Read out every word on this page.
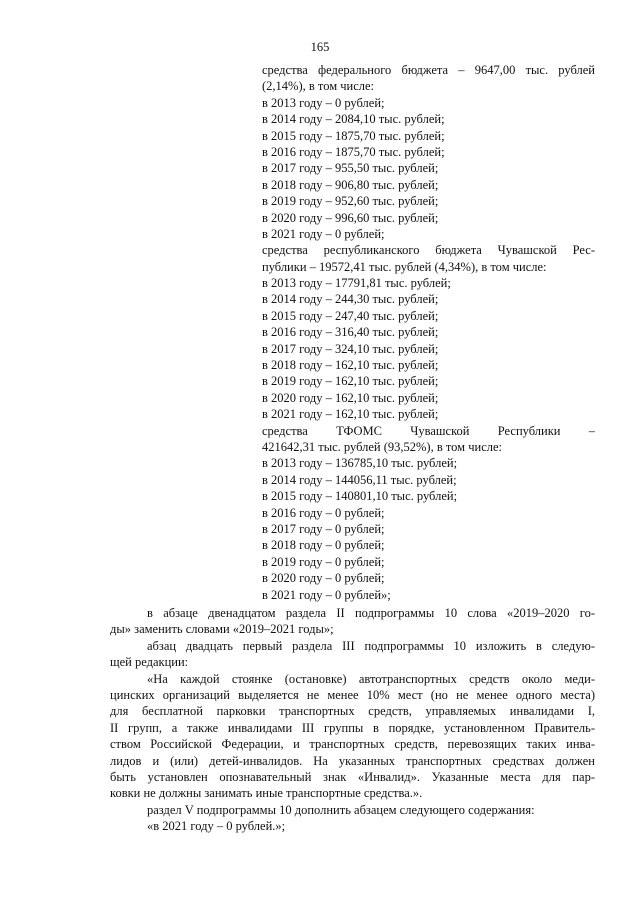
165
средства федерального бюджета – 9647,00 тыс. рублей
(2,14%), в том числе:
в 2013 году – 0 рублей;
в 2014 году – 2084,10 тыс. рублей;
в 2015 году – 1875,70 тыс. рублей;
в 2016 году – 1875,70 тыс. рублей;
в 2017 году – 955,50 тыс. рублей;
в 2018 году – 906,80 тыс. рублей;
в 2019 году – 952,60 тыс. рублей;
в 2020 году – 996,60 тыс. рублей;
в 2021 году – 0 рублей;
средства республиканского бюджета Чувашской Рес-
публики – 19572,41 тыс. рублей (4,34%), в том числе:
в 2013 году – 17791,81 тыс. рублей;
в 2014 году – 244,30 тыс. рублей;
в 2015 году – 247,40 тыс. рублей;
в 2016 году – 316,40 тыс. рублей;
в 2017 году – 324,10 тыс. рублей;
в 2018 году – 162,10 тыс. рублей;
в 2019 году – 162,10 тыс. рублей;
в 2020 году – 162,10 тыс. рублей;
в 2021 году – 162,10 тыс. рублей;
средства ТФОМС Чувашской Республики –
421642,31 тыс. рублей (93,52%), в том числе:
в 2013 году – 136785,10 тыс. рублей;
в 2014 году – 144056,11 тыс. рублей;
в 2015 году – 140801,10 тыс. рублей;
в 2016 году – 0 рублей;
в 2017 году – 0 рублей;
в 2018 году – 0 рублей;
в 2019 году – 0 рублей;
в 2020 году – 0 рублей;
в 2021 году – 0 рублей»;
в абзаце двенадцатом раздела II подпрограммы 10 слова «2019–2020 го-
ды» заменить словами «2019–2021 годы»;
абзац двадцать первый раздела III подпрограммы 10 изложить в следую-
щей редакции:
«На каждой стоянке (остановке) автотранспортных средств около меди-
цинских организаций выделяется не менее 10% мест (но не менее одного места)
для бесплатной парковки транспортных средств, управляемых инвалидами I,
II групп, а также инвалидами III группы в порядке, установленном Правитель-
ством Российской Федерации, и транспортных средств, перевозящих таких инва-
лидов и (или) детей-инвалидов. На указанных транспортных средствах должен
быть установлен опознавательный знак «Инвалид». Указанные места для пар-
ковки не должны занимать иные транспортные средства.».
раздел V подпрограммы 10 дополнить абзацем следующего содержания:
«в 2021 году – 0 рублей.»;
